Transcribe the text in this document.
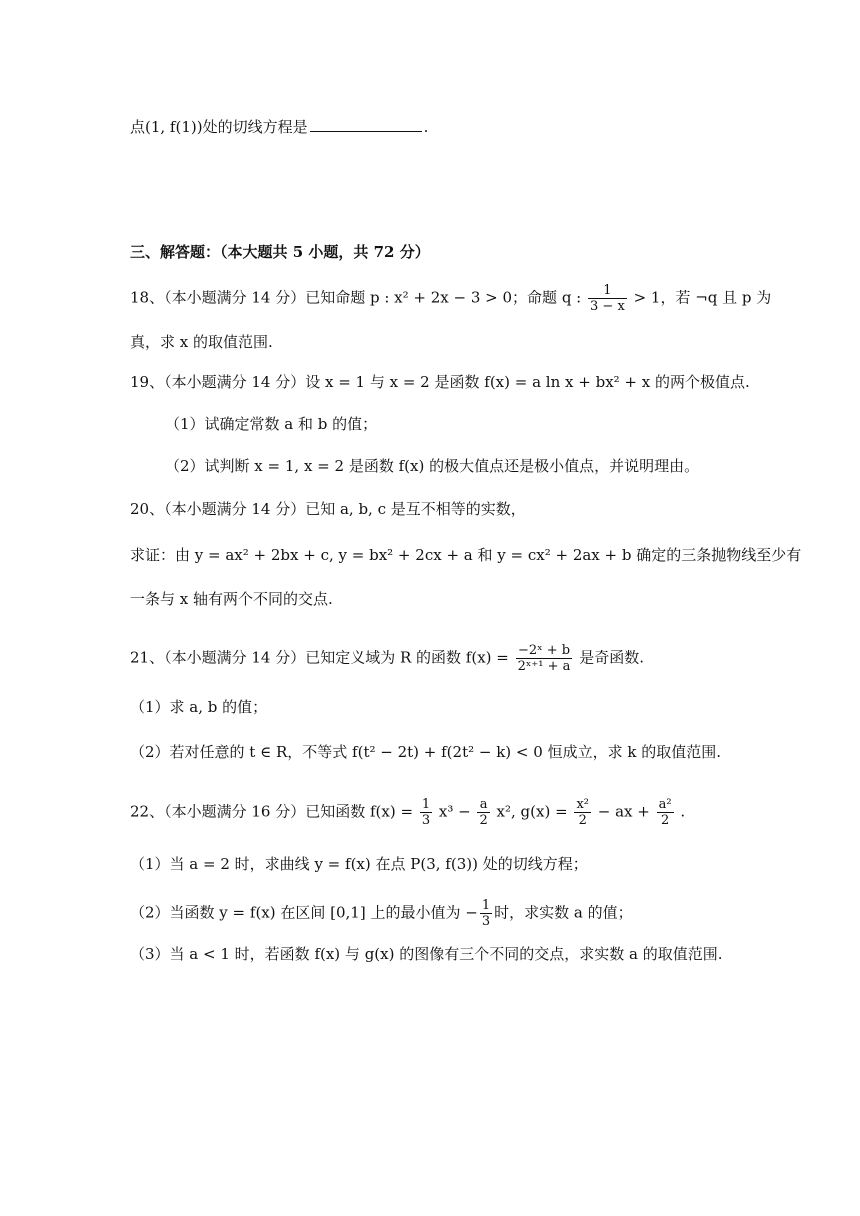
点(1, f(1))处的切线方程是	.
三、解答题：（本大题共 5 小题，共 72 分）
18、（本小题满分 14 分）已知命题 p : x² + 2x − 3 > 0；命题 q : $\frac{1}{3 - x} > 1$，若 ¬q 且 p 为
真，求 x 的取值范围.
19、（本小题满分 14 分）设 x = 1 与 x = 2 是函数 f(x) = a ln x + bx² + x 的两个极值点.
（1）试确定常数 a 和 b 的值；
（2）试判断 x = 1, x = 2 是函数 f(x) 的极大值点还是极小值点，并说明理由。
20、（本小题满分 14 分）已知 a, b, c 是互不相等的实数，
求证：由 y = ax² + 2bx + c, y = bx² + 2cx + a 和 y = cx² + 2ax + b 确定的三条抛物线至少有
一条与 x 轴有两个不同的交点.
21、（本小题满分 14 分）已知定义域为 R 的函数 $f(x) = \frac{\text{−2ˣ + b}}{\text{2ˣ⁺¹ + a}}$ 是奇函数.
（1）求 a, b 的值；
（2）若对任意的 t ∈ R，不等式 f(t² − 2t) + f(2t² − k) < 0 恒成立，求 k 的取值范围.
22、（本小题满分 16 分）已知函数 $f(x) = \frac{1}{3} x^3 - \frac{a}{2} x^2$, $g(x) = \frac{\text{x²}}{2}$ − ax + $\frac{\text{a²}}{2}$ .
（1）当 a = 2 时，求曲线 y = f(x) 在点 P(3, f(3)) 处的切线方程；
（2）当函数 y = f(x) 在区间 [0,1] 上的最小值为 − $\frac{1}{3}$ 时，求实数 a 的值；
（3）当 a < 1 时，若函数 f(x) 与 g(x) 的图像有三个不同的交点，求实数 a 的取值范围.
